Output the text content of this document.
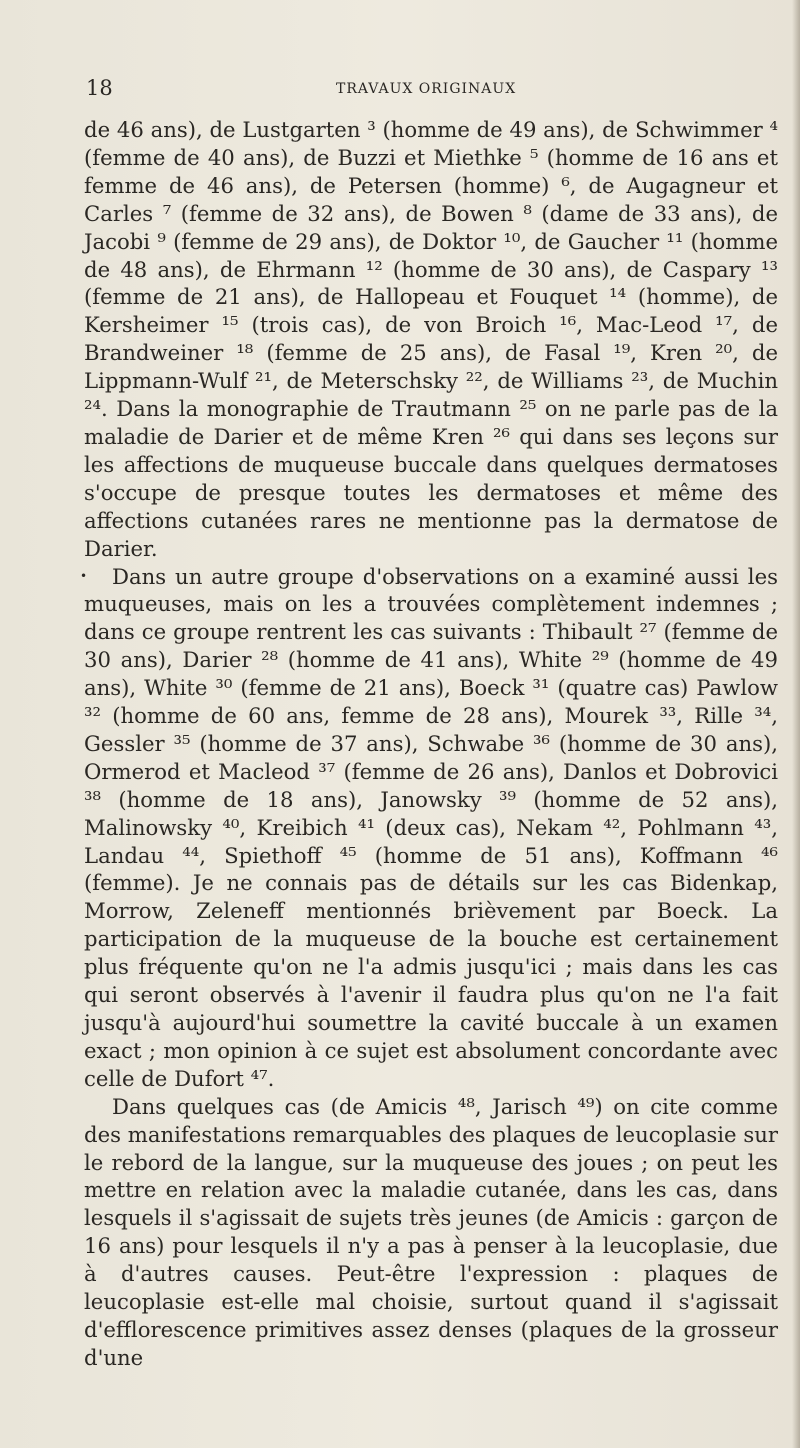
18	TRAVAUX ORIGINAUX

de 46 ans), de Lustgarten ³ (homme de 49 ans), de Schwimmer ⁴ (femme de 40 ans), de Buzzi et Miethke ⁵ (homme de 16 ans et femme de 46 ans), de Petersen (homme) ⁶, de Augagneur et Carles ⁷ (femme de 32 ans), de Bowen ⁸ (dame de 33 ans), de Jacobi ⁹ (femme de 29 ans), de Doktor ¹⁰, de Gaucher ¹¹ (homme de 48 ans), de Ehrmann ¹² (homme de 30 ans), de Caspary ¹³ (femme de 21 ans), de Hallopeau et Fouquet ¹⁴ (homme), de Kersheimer ¹⁵ (trois cas), de von Broich ¹⁶, Mac-Leod ¹⁷, de Brandweiner ¹⁸ (femme de 25 ans), de Fasal ¹⁹, Kren ²⁰, de Lippmann-Wulf ²¹, de Meterschsky ²², de Williams ²³, de Muchin ²⁴. Dans la monographie de Trautmann ²⁵ on ne parle pas de la maladie de Darier et de même Kren ²⁶ qui dans ses leçons sur les affections de muqueuse buccale dans quelques dermatoses s'occupe de presque toutes les dermatoses et même des affections cutanées rares ne mentionne pas la dermatose de Darier.

• Dans un autre groupe d'observations on a examiné aussi les muqueuses, mais on les a trouvées complètement indemnes ; dans ce groupe rentrent les cas suivants : Thibault ²⁷ (femme de 30 ans), Darier ²⁸ (homme de 41 ans), White ²⁹ (homme de 49 ans), White ³⁰ (femme de 21 ans), Boeck ³¹ (quatre cas) Pawlow ³² (homme de 60 ans, femme de 28 ans), Mourek ³³, Rille ³⁴, Gessler ³⁵ (homme de 37 ans), Schwabe ³⁶ (homme de 30 ans), Ormerod et Macleod ³⁷ (femme de 26 ans), Danlos et Dobrovici ³⁸ (homme de 18 ans), Janowsky ³⁹ (homme de 52 ans), Malinowsky ⁴⁰, Kreibich ⁴¹ (deux cas), Nekam ⁴², Pohlmann ⁴³, Landau ⁴⁴, Spiethoff ⁴⁵ (homme de 51 ans), Koffmann ⁴⁶ (femme). Je ne connais pas de détails sur les cas Bidenkap, Morrow, Zeleneff mentionnés brièvement par Boeck. La participation de la muqueuse de la bouche est certainement plus fréquente qu'on ne l'a admis jusqu'ici ; mais dans les cas qui seront observés à l'avenir il faudra plus qu'on ne l'a fait jusqu'à aujourd'hui soumettre la cavité buccale à un examen exact ; mon opinion à ce sujet est absolument concordante avec celle de Dufort ⁴⁷.

Dans quelques cas (de Amicis ⁴⁸, Jarisch ⁴⁹) on cite comme des manifestations remarquables des plaques de leucoplasie sur le rebord de la langue, sur la muqueuse des joues ; on peut les mettre en relation avec la maladie cutanée, dans les cas, dans lesquels il s'agissait de sujets très jeunes (de Amicis : garçon de 16 ans) pour lesquels il n'y a pas à penser à la leucoplasie, due à d'autres causes. Peut-être l'expression : plaques de leucoplasie est-elle mal choisie, surtout quand il s'agissait d'efflorescence primitives assez denses (plaques de la grosseur d'une
